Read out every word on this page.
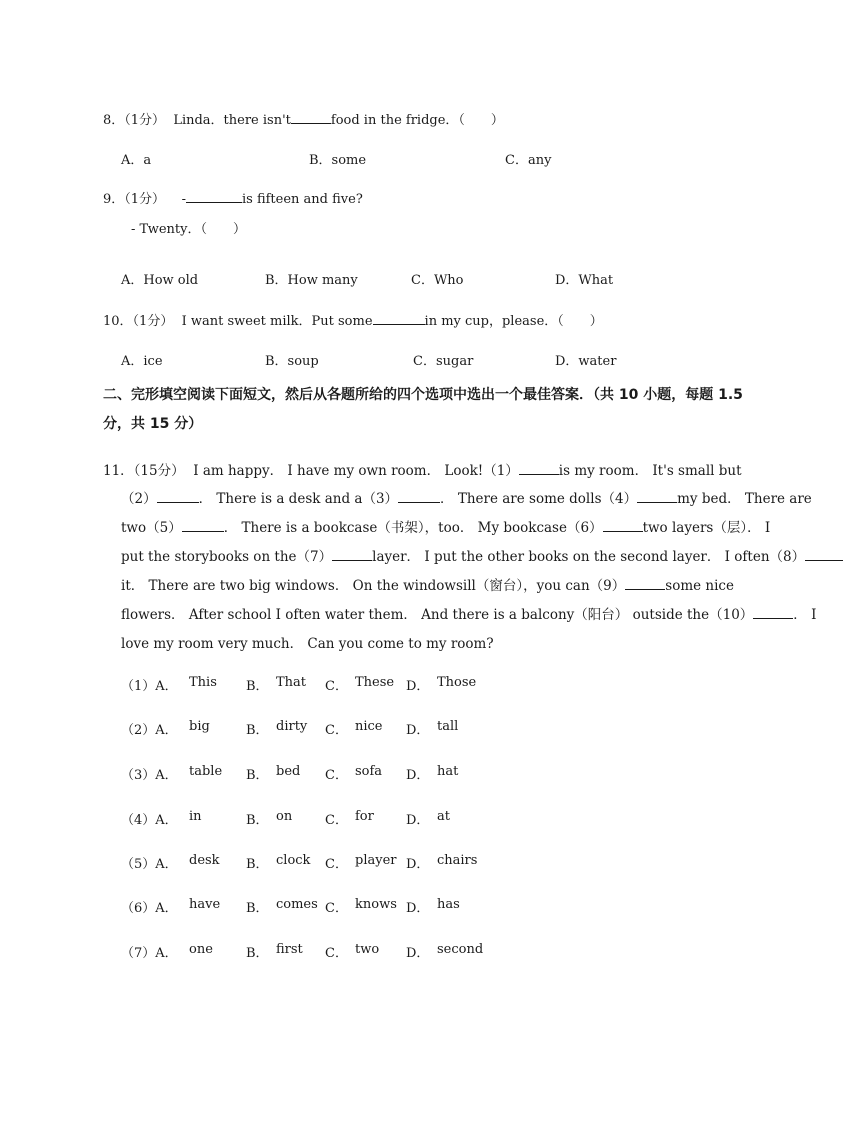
8．（1分） Linda．there isn't	food in the fridge．（　　）
A．a	B．some	C．any
9．（1分） -	is fifteen and five?
- Twenty．（　　）
A．How old	B．How many	C．Who	D．What
10．（1分） I want sweet milk．Put some	in my cup，please．（　　）
A．ice	B．soup	C．sugar	D．water
二、完形填空阅读下面短文，然后从各题所给的四个选项中选出一个最佳答案．（共 10 小题，每题 1.5 分，共 15 分）
11．（15分） I am happy． I have my own room． Look!（1）	is my room． It's small but
（2）	． There is a desk and a（3）	． There are some dolls（4）	my bed． There are
two（5）	． There is a bookcase（书架），too． My bookcase（6）	two layers（层）． I
put the storybooks on the（7）	layer． I put the other books on the second layer． I often（8）
it． There are two big windows． On the windowsill（窗台），you can（9）	some nice
flowers． After school I often water them． And there is a balcony（阳台） outside the（10）	． I
love my room very much． Can you come to my room?
（1）A． This B． That C． These D． Those
（2）A． big	B． dirty C． nice D． tall
（3）A． table B． bed C． sofa D． hat
（4）A． in	B． on	C． for D． at
（5）A． desk B． clock C． player D． chairs
（6）A． have B． comes C． knows D． has
（7）A． one	B． first C． two D． second
